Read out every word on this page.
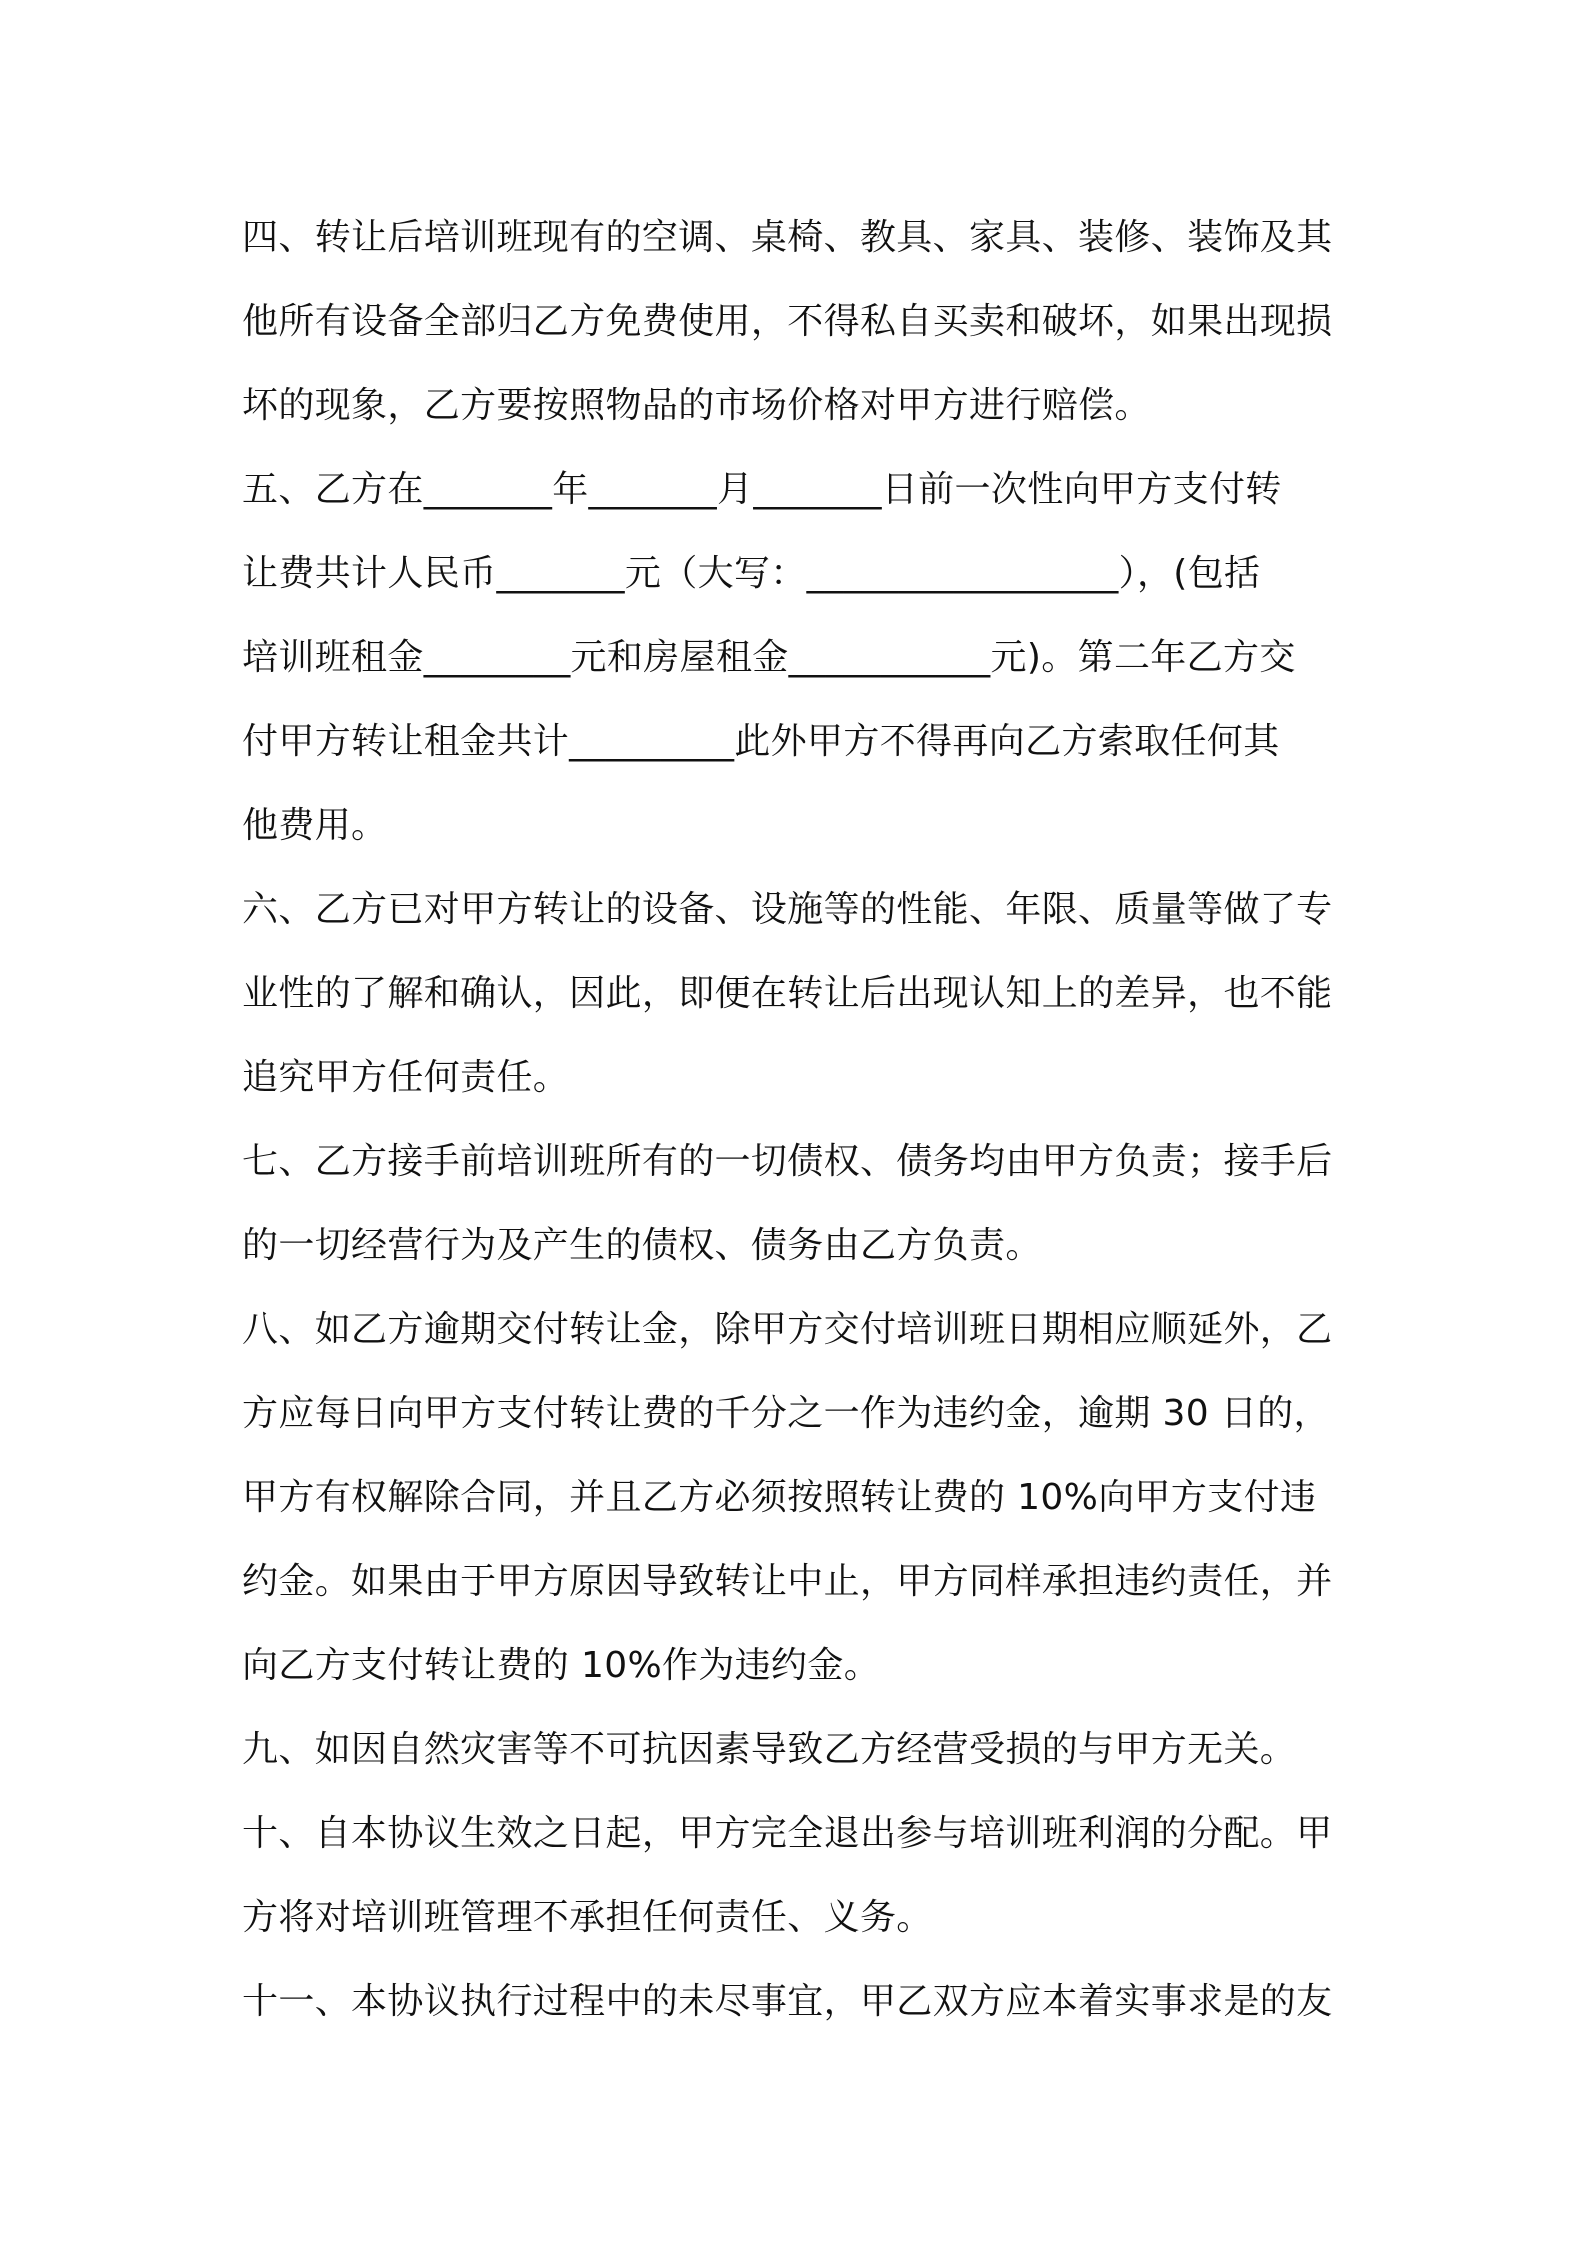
四、转让后培训班现有的空调、桌椅、教具、家具、装修、装饰及其
他所有设备全部归乙方免费使用，不得私自买卖和破坏，如果出现损
坏的现象，乙方要按照物品的市场价格对甲方进行赔偿。
五、乙方在_______年_______月_______日前一次性向甲方支付转
让费共计人民币_______元（大写：_________________），(包括
培训班租金________元和房屋租金___________元)。第二年乙方交
付甲方转让租金共计_________此外甲方不得再向乙方索取任何其
他费用。
六、乙方已对甲方转让的设备、设施等的性能、年限、质量等做了专
业性的了解和确认，因此，即便在转让后出现认知上的差异，也不能
追究甲方任何责任。
七、乙方接手前培训班所有的一切债权、债务均由甲方负责；接手后
的一切经营行为及产生的债权、债务由乙方负责。
八、如乙方逾期交付转让金，除甲方交付培训班日期相应顺延外，乙
方应每日向甲方支付转让费的千分之一作为违约金，逾期 30 日的，
甲方有权解除合同，并且乙方必须按照转让费的 10%向甲方支付违
约金。如果由于甲方原因导致转让中止，甲方同样承担违约责任，并
向乙方支付转让费的 10%作为违约金。
九、如因自然灾害等不可抗因素导致乙方经营受损的与甲方无关。
十、自本协议生效之日起，甲方完全退出参与培训班利润的分配。甲
方将对培训班管理不承担任何责任、义务。
十一、本协议执行过程中的未尽事宜，甲乙双方应本着实事求是的友
